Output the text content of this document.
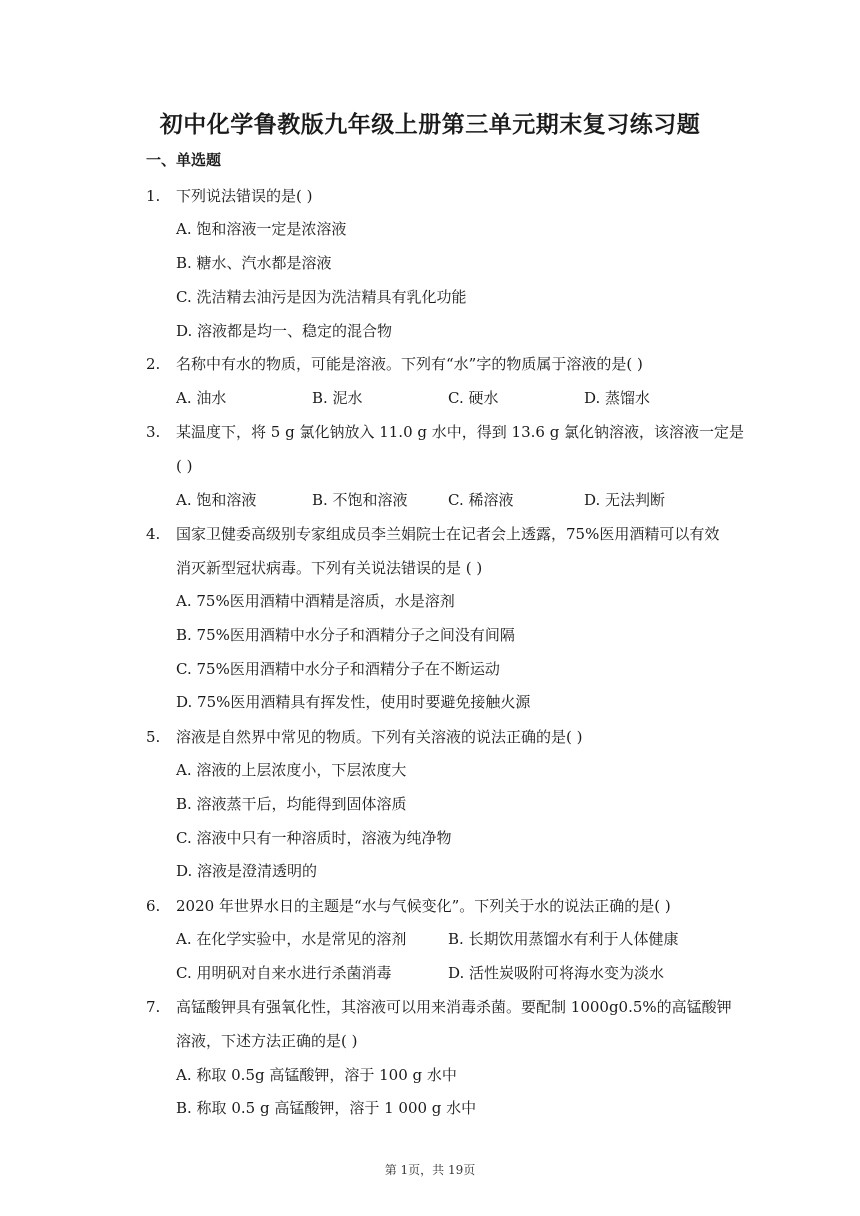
初中化学鲁教版九年级上册第三单元期末复习练习题
一、单选题
1. 下列说法错误的是( )
A. 饱和溶液一定是浓溶液
B. 糖水、汽水都是溶液
C. 洗洁精去油污是因为洗洁精具有乳化功能
D. 溶液都是均一、稳定的混合物
2. 名称中有水的物质，可能是溶液。下列有“水”字的物质属于溶液的是( )
A. 油水	B. 泥水	C. 硬水	D. 蒸馏水
3. 某温度下，将 5 g 氯化钠放入 11.0 g 水中，得到 13.6 g 氯化钠溶液，该溶液一定是
( )
A. 饱和溶液	B. 不饱和溶液	C. 稀溶液	D. 无法判断
4. 国家卫健委高级别专家组成员李兰娟院士在记者会上透露，75%医用酒精可以有效
消灭新型冠状病毒。下列有关说法错误的是 ( )
A. 75%医用酒精中酒精是溶质，水是溶剂
B. 75%医用酒精中水分子和酒精分子之间没有间隔
C. 75%医用酒精中水分子和酒精分子在不断运动
D. 75%医用酒精具有挥发性，使用时要避免接触火源
5. 溶液是自然界中常见的物质。下列有关溶液的说法正确的是( )
A. 溶液的上层浓度小，下层浓度大
B. 溶液蒸干后，均能得到固体溶质
C. 溶液中只有一种溶质时，溶液为纯净物
D. 溶液是澄清透明的
6. 2020 年世界水日的主题是“水与气候变化”。下列关于水的说法正确的是( )
A. 在化学实验中，水是常见的溶剂	B. 长期饮用蒸馏水有利于人体健康
C. 用明矾对自来水进行杀菌消毒	D. 活性炭吸附可将海水变为淡水
7. 高锰酸钾具有强氧化性，其溶液可以用来消毒杀菌。要配制 1000g0.5%的高锰酸钾
溶液，下述方法正确的是( )
A. 称取 0.5g 高锰酸钾，溶于 100 g 水中
B. 称取 0.5 g 高锰酸钾，溶于 1 000 g 水中
第 1页，共 19页
